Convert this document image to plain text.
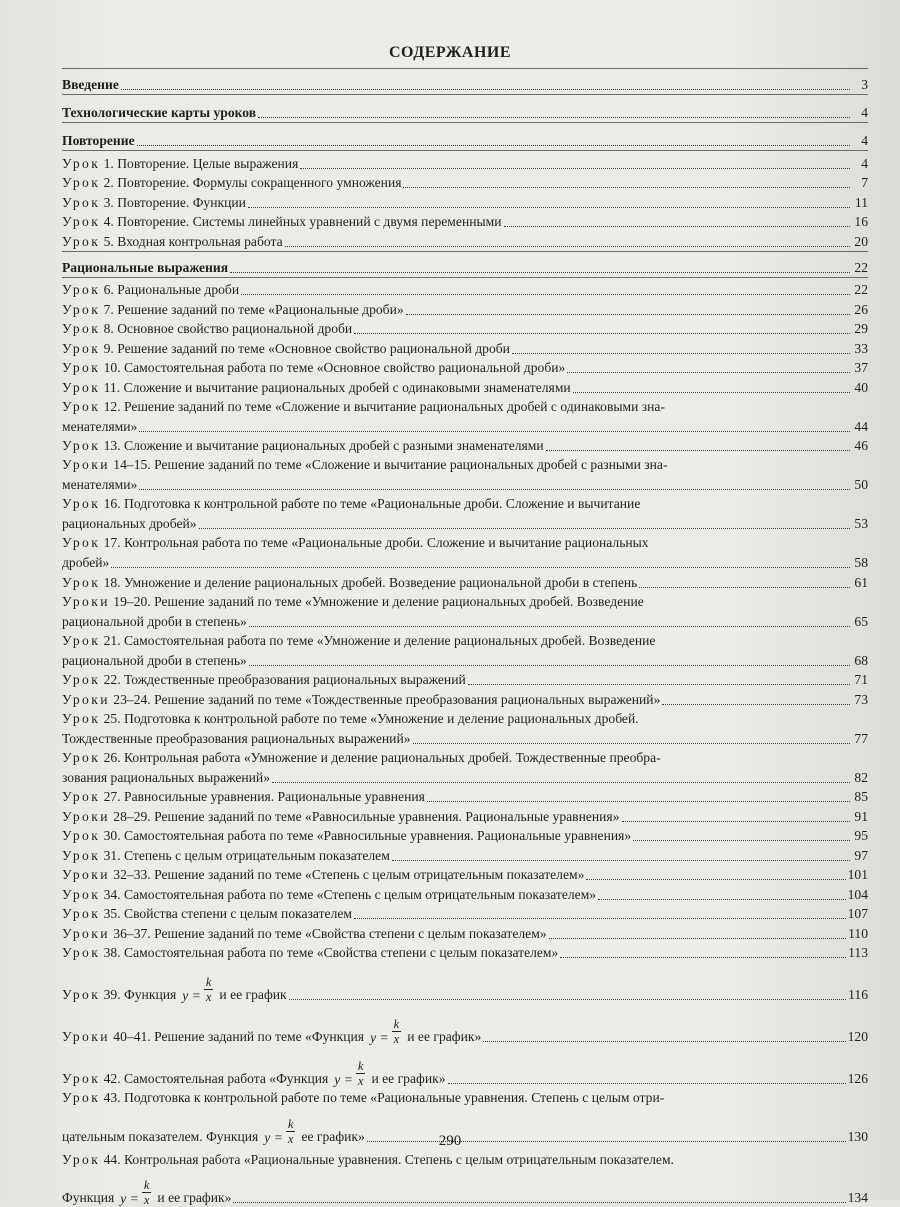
СОДЕРЖАНИЕ
Введение	3
Технологические карты уроков	4
Повторение	4
Урок 1. Повторение. Целые выражения	4
Урок 2. Повторение. Формулы сокращенного умножения	7
Урок 3. Повторение. Функции	11
Урок 4. Повторение. Системы линейных уравнений с двумя переменными	16
Урок 5. Входная контрольная работа	20
Рациональные выражения	22
Урок 6. Рациональные дроби	22
Урок 7. Решение заданий по теме «Рациональные дроби»	26
Урок 8. Основное свойство рациональной дроби	29
Урок 9. Решение заданий по теме «Основное свойство рациональной дроби	33
Урок 10. Самостоятельная работа по теме «Основное свойство рациональной дроби»	37
Урок 11. Сложение и вычитание рациональных дробей с одинаковыми знаменателями	40
Урок 12. Решение заданий по теме «Сложение и вычитание рациональных дробей с одинаковыми зна-
менателями»	44
Урок 13. Сложение и вычитание рациональных дробей с разными знаменателями	46
Уроки 14–15. Решение заданий по теме «Сложение и вычитание рациональных дробей с разными зна-
менателями»	50
Урок 16. Подготовка к контрольной работе по теме «Рациональные дроби. Сложение и вычитание
рациональных дробей»	53
Урок 17. Контрольная работа по теме «Рациональные дроби. Сложение и вычитание рациональных
дробей»	58
Урок 18. Умножение и деление рациональных дробей. Возведение рациональной дроби в степень	61
Уроки 19–20. Решение заданий по теме «Умножение и деление рациональных дробей. Возведение
рациональной дроби в степень»	65
Урок 21. Самостоятельная работа по теме «Умножение и деление рациональных дробей. Возведение
рациональной дроби в степень»	68
Урок 22. Тождественные преобразования рациональных выражений	71
Уроки 23–24. Решение заданий по теме «Тождественные преобразования рациональных выражений»	73
Урок 25. Подготовка к контрольной работе по теме «Умножение и деление рациональных дробей.
Тождественные преобразования рациональных выражений»	77
Урок 26. Контрольная работа «Умножение и деление рациональных дробей. Тождественные преобра-
зования рациональных выражений»	82
Урок 27. Равносильные уравнения. Рациональные уравнения	85
Уроки 28–29. Решение заданий по теме «Равносильные уравнения. Рациональные уравнения»	91
Урок 30. Самостоятельная работа по теме «Равносильные уравнения. Рациональные уравнения»	95
Урок 31. Степень с целым отрицательным показателем	97
Уроки 32–33. Решение заданий по теме «Степень с целым отрицательным показателем»	101
Урок 34. Самостоятельная работа по теме «Степень с целым отрицательным показателем»	104
Урок 35. Свойства степени с целым показателем	107
Уроки 36–37. Решение заданий по теме «Свойства степени с целым показателем»	110
Урок 38. Самостоятельная работа по теме «Свойства степени с целым показателем»	113
Урок 39. Функция $y = \frac{k}{x}$ и ее график	116
Уроки 40–41. Решение заданий по теме «Функция $y = \frac{k}{x}$ и ее график»	120
Урок 42. Самостоятельная работа «Функция $y = \frac{k}{x}$ и ее график»	126
Урок 43. Подготовка к контрольной работе по теме «Рациональные уравнения. Степень с целым отри-
цательным показателем. Функция $y = \frac{k}{x}$ ее график»	130
Урок 44. Контрольная работа «Рациональные уравнения. Степень с целым отрицательным показателем.
Функция $y = \frac{k}{x}$ и ее график»	134
290
